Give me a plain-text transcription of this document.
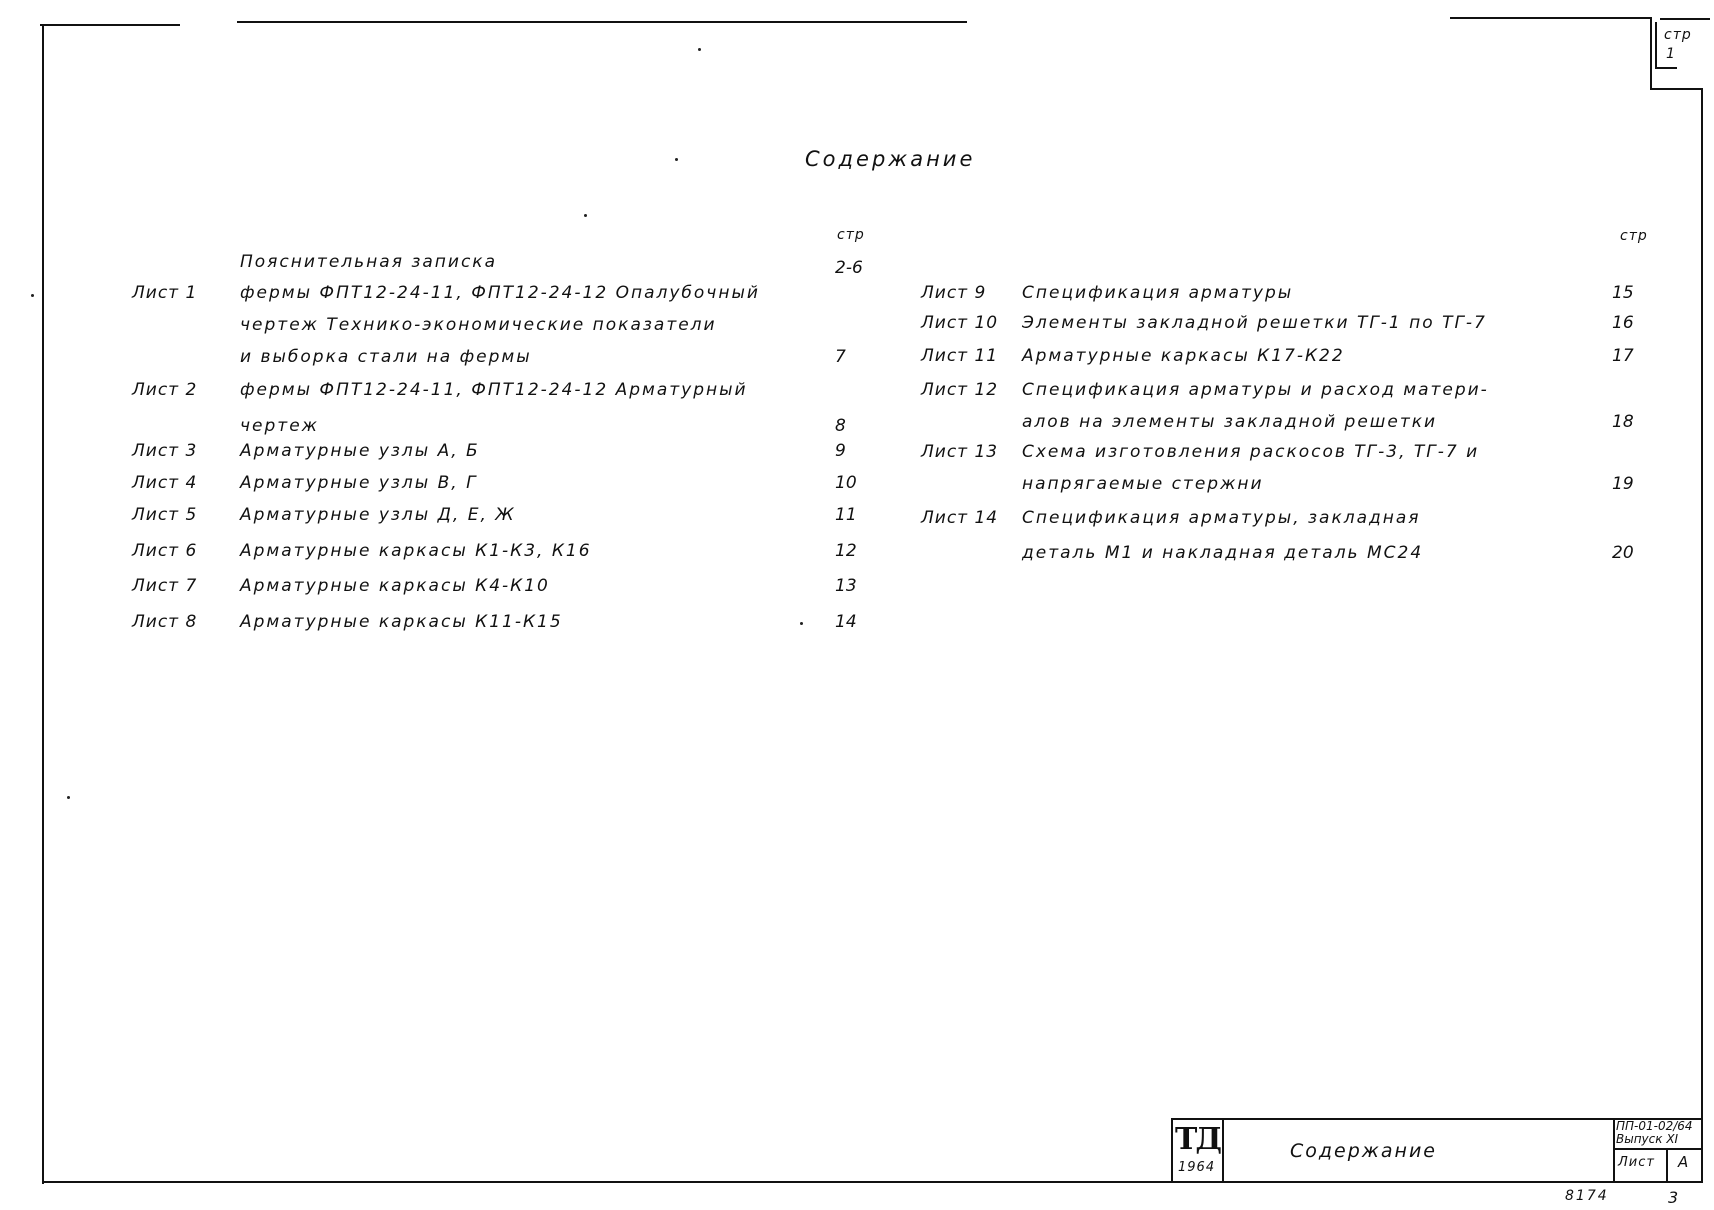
стр
1
Содержание
стр	стр
Пояснительная записка	2-6
Лист 1	фермы ФПТ12-24-11, ФПТ12-24-12 Опалубочный
чертеж Технико-экономические показатели
и выборка стали на фермы	7
Лист 2	фермы ФПТ12-24-11, ФПТ12-24-12 Арматурный
чертеж	8
Лист 3	Арматурные узлы А, Б	9
Лист 4	Арматурные узлы В, Г	10
Лист 5	Арматурные узлы Д, Е, Ж	11
Лист 6	Арматурные каркасы К1-К3, К16	12
Лист 7	Арматурные каркасы К4-К10	13
Лист 8	Арматурные каркасы К11-К15	14
Лист 9 Спецификация арматуры	15
Лист 10 Элементы закладной решетки ТГ-1 по ТГ-7	16
Лист 11 Арматурные каркасы К17-К22	17
Лист 12 Спецификация арматуры и расход матери-
алов на элементы закладной решетки	18
Лист 13 Схема изготовления раскосов ТГ-3, ТГ-7 и
напрягаемые стержни	19
Лист 14 Спецификация арматуры, закладная
деталь М1 и накладная деталь МС24	20
ТД
1964
Содержание
ПП-01-02/64
Выпуск XI
Лист А
8174	3
